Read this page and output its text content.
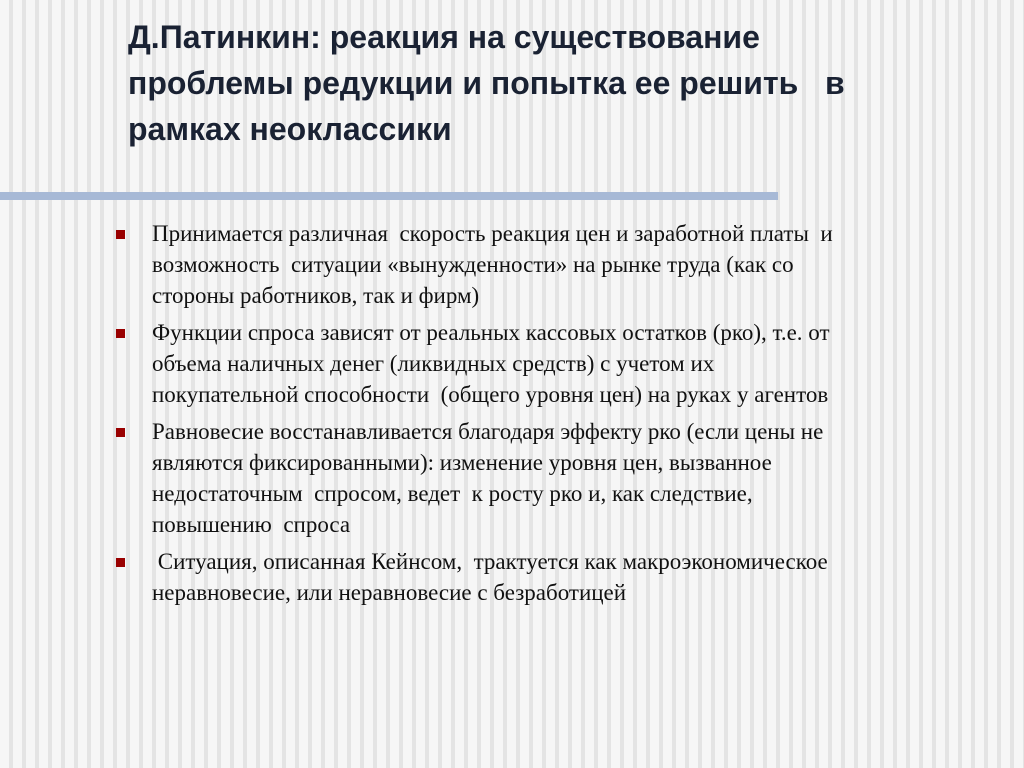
Д.Патинкин: реакция на существование
проблемы редукции и попытка ее решить   в
рамках неоклассики
Принимается различная  скорость реакция цен и заработной платы  и
возможность  ситуации «вынужденности» на рынке труда (как со
стороны работников, так и фирм)
Функции спроса зависят от реальных кассовых остатков (рко), т.е. от
объема наличных денег (ликвидных средств) с учетом их
покупательной способности  (общего уровня цен) на руках у агентов
Равновесие восстанавливается благодаря эффекту рко (если цены не
являются фиксированными): изменение уровня цен, вызванное
недостаточным  спросом, ведет  к росту рко и, как следствие,
повышению  спроса
Ситуация, описанная Кейнсом,  трактуется как макроэкономическое
неравновесие, или неравновесие с безработицей
